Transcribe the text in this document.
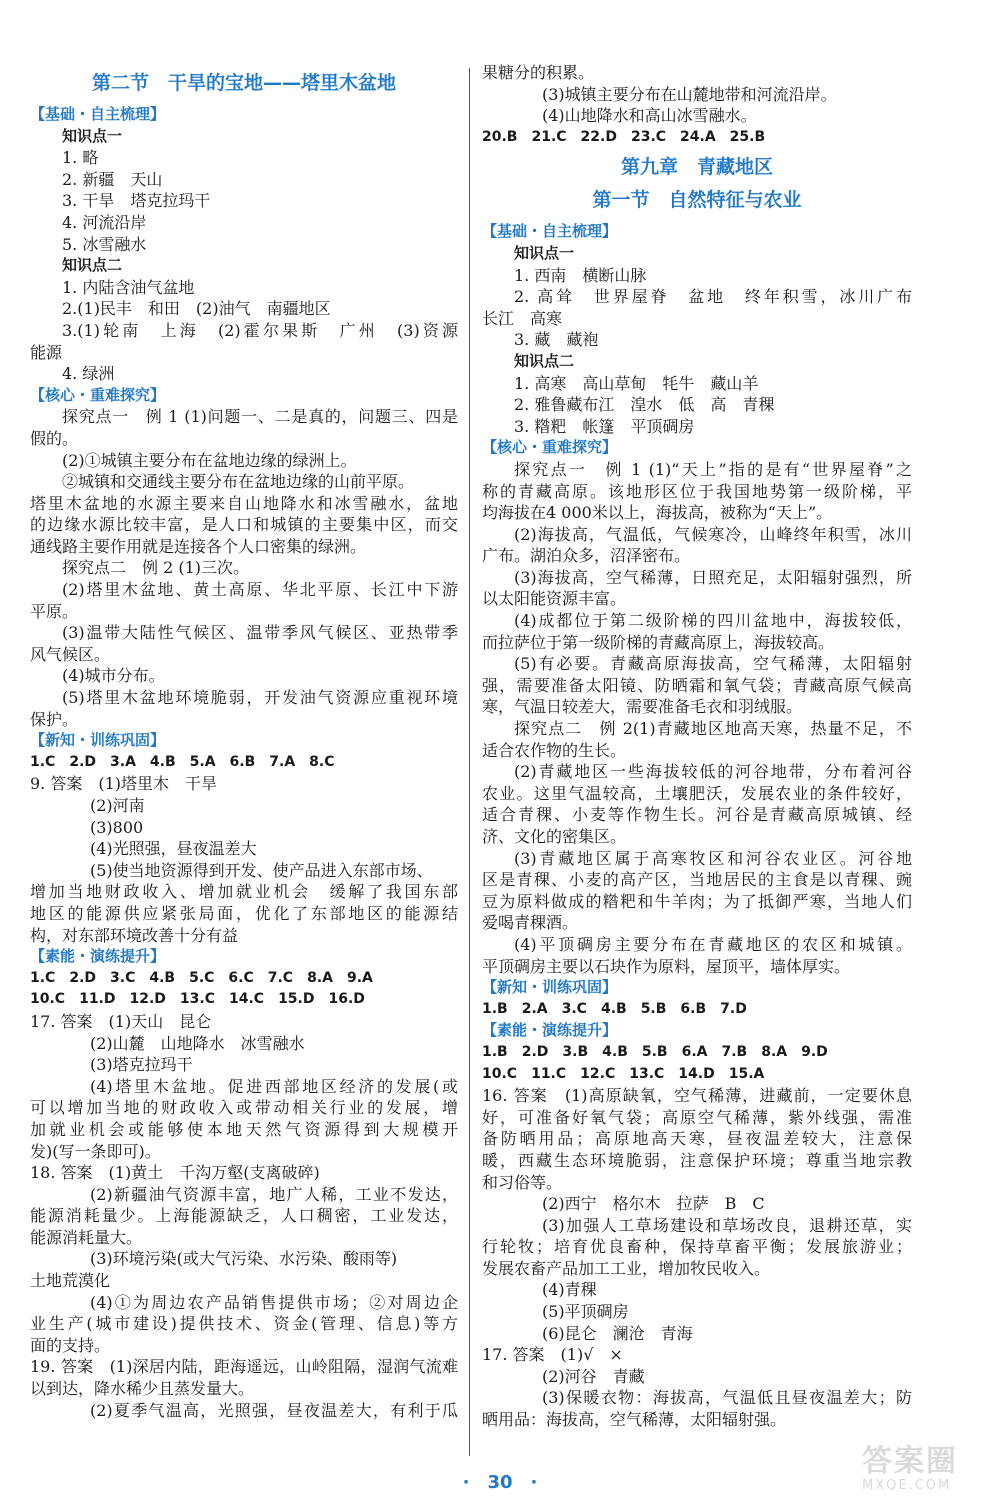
第二节　干旱的宝地——塔里木盆地
【基础・自主梳理】
知识点一
1. 略
2. 新疆　天山
3. 干旱　塔克拉玛干
4. 河流沿岸
5. 冰雪融水
知识点二
1. 内陆含油气盆地
2.(1)民丰　和田　(2)油气　南疆地区
3.(1)轮南　上海　(2)霍尔果斯　广州　(3)资源
能源
4. 绿洲
【核心・重难探究】
探究点一　例 1 (1)问题一、二是真的，问题三、四是
假的。
(2)①城镇主要分布在盆地边缘的绿洲上。
②城镇和交通线主要分布在盆地边缘的山前平原。
塔里木盆地的水源主要来自山地降水和冰雪融水，盆地
的边缘水源比较丰富，是人口和城镇的主要集中区，而交
通线路主要作用就是连接各个人口密集的绿洲。
探究点二　例 2 (1)三次。
(2)塔里木盆地、黄土高原、华北平原、长江中下游
平原。
(3)温带大陆性气候区、温带季风气候区、亚热带季
风气候区。
(4)城市分布。
(5)塔里木盆地环境脆弱，开发油气资源应重视环境
保护。
【新知・训练巩固】
1.C　2.D　3.A　4.B　5.A　6.B　7.A　8.C
9. 答案　(1)塔里木　干旱
(2)河南
(3)800
(4)光照强，昼夜温差大
(5)使当地资源得到开发、使产品进入东部市场、
增加当地财政收入、增加就业机会　缓解了我国东部
地区的能源供应紧张局面，优化了东部地区的能源结
构，对东部环境改善十分有益
【素能・演练提升】
1.C　2.D　3.C　4.B　5.C　6.C　7.C　8.A　9.A
10.C　11.D　12.D　13.C　14.C　15.D　16.D
17. 答案　(1)天山　昆仑
(2)山麓　山地降水　冰雪融水
(3)塔克拉玛干
(4)塔里木盆地。促进西部地区经济的发展(或
可以增加当地的财政收入或带动相关行业的发展，增
加就业机会或能够使本地天然气资源得到大规模开
发)(写一条即可)。
18. 答案　(1)黄土　千沟万壑(支离破碎)
(2)新疆油气资源丰富，地广人稀，工业不发达，
能源消耗量少。上海能源缺乏，人口稠密，工业发达，
能源消耗量大。
(3)环境污染(或大气污染、水污染、酸雨等)
土地荒漠化
(4)①为周边农产品销售提供市场；②对周边企
业生产(城市建设)提供技术、资金(管理、信息)等方
面的支持。
19. 答案　(1)深居内陆，距海遥远，山岭阻隔，湿润气流难
以到达，降水稀少且蒸发量大。
(2)夏季气温高，光照强，昼夜温差大，有利于瓜
果糖分的积累。
(3)城镇主要分布在山麓地带和河流沿岸。
(4)山地降水和高山冰雪融水。
20.B　21.C　22.D　23.C　24.A　25.B
第九章　青藏地区
第一节　自然特征与农业
【基础・自主梳理】
知识点一
1. 西南　横断山脉
2. 高耸　世界屋脊　盆地　终年积雪，冰川广布
长江　高寒
3. 藏　藏袍
知识点二
1. 高寒　高山草甸　牦牛　藏山羊
2. 雅鲁藏布江　湟水　低　高　青稞
3. 糌粑　帐篷　平顶碉房
【核心・重难探究】
探究点一　例 1 (1)“天上”指的是有“世界屋脊”之
称的青藏高原。该地形区位于我国地势第一级阶梯，平
均海拔在4 000米以上，海拔高，被称为“天上”。
(2)海拔高，气温低，气候寒冷，山峰终年积雪，冰川
广布。湖泊众多，沼泽密布。
(3)海拔高，空气稀薄，日照充足，太阳辐射强烈，所
以太阳能资源丰富。
(4)成都位于第二级阶梯的四川盆地中，海拔较低，
而拉萨位于第一级阶梯的青藏高原上，海拔较高。
(5)有必要。青藏高原海拔高，空气稀薄，太阳辐射
强，需要准备太阳镜、防晒霜和氧气袋；青藏高原气候高
寒，气温日较差大，需要准备毛衣和羽绒服。
探究点二　例 2(1)青藏地区地高天寒，热量不足，不
适合农作物的生长。
(2)青藏地区一些海拔较低的河谷地带，分布着河谷
农业。这里气温较高，土壤肥沃，发展农业的条件较好，
适合青稞、小麦等作物生长。河谷是青藏高原城镇、经
济、文化的密集区。
(3)青藏地区属于高寒牧区和河谷农业区。河谷地
区是青稞、小麦的高产区，当地居民的主食是以青稞、豌
豆为原料做成的糌粑和牛羊肉；为了抵御严寒，当地人们
爱喝青稞酒。
(4)平顶碉房主要分布在青藏地区的农区和城镇。
平顶碉房主要以石块作为原料，屋顶平，墙体厚实。
【新知・训练巩固】
1.B　2.A　3.C　4.B　5.B　6.B　7.D
【素能・演练提升】
1.B　2.D　3.B　4.B　5.B　6.A　7.B　8.A　9.D
10.C　11.C　12.C　13.C　14.D　15.A
16. 答案　(1)高原缺氧，空气稀薄，进藏前，一定要休息
好，可准备好氧气袋；高原空气稀薄，紫外线强，需准
备防晒用品；高原地高天寒，昼夜温差较大，注意保
暖，西藏生态环境脆弱，注意保护环境；尊重当地宗教
和习俗等。
(2)西宁　格尔木　拉萨　B　C
(3)加强人工草场建设和草场改良，退耕还草，实
行轮牧；培育优良畜种，保持草畜平衡；发展旅游业；
发展农畜产品加工工业，增加牧民收入。
(4)青稞
(5)平顶碉房
(6)昆仑　澜沧　青海
17. 答案　(1)√　×
(2)河谷　青藏
(3)保暖衣物：海拔高，气温低且昼夜温差大；防
晒用品：海拔高，空气稀薄，太阳辐射强。
·　30　·
答案圈
MXQE.COM
